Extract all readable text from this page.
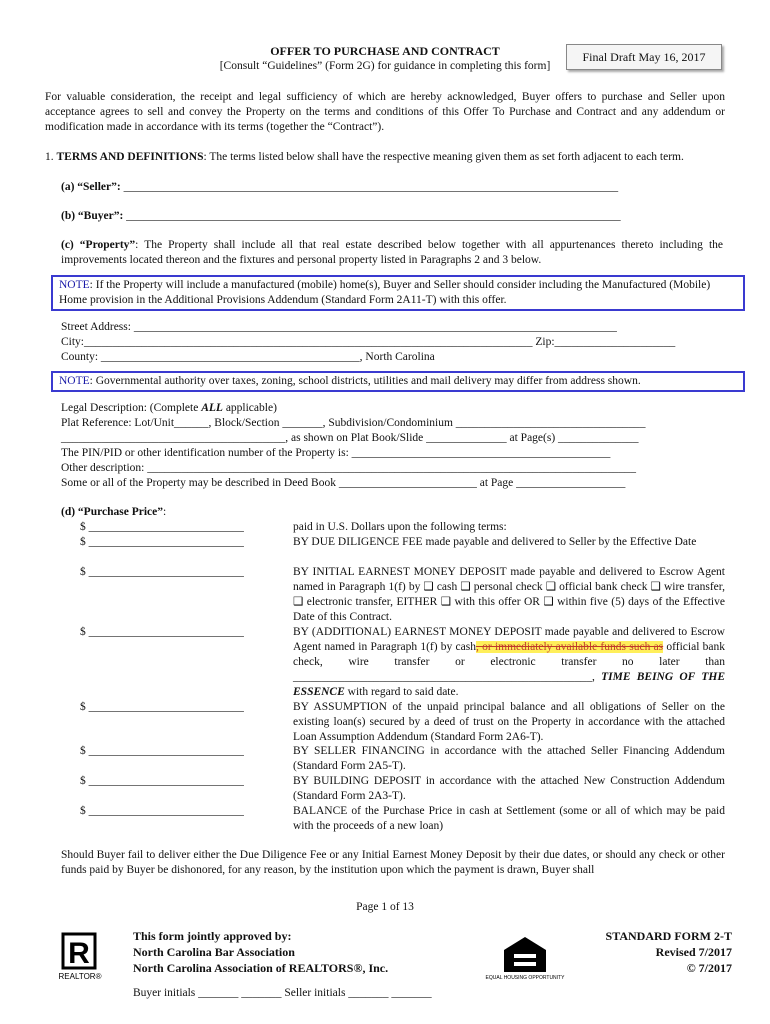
OFFER TO PURCHASE AND CONTRACT
[Consult “Guidelines” (Form 2G) for guidance in completing this form]
Final Draft May 16, 2017
For valuable consideration, the receipt and legal sufficiency of which are hereby acknowledged, Buyer offers to purchase and Seller upon acceptance agrees to sell and convey the Property on the terms and conditions of this Offer To Purchase and Contract and any addendum or modification made in accordance with its terms (together the “Contract”).
1. TERMS AND DEFINITIONS: The terms listed below shall have the respective meaning given them as set forth adjacent to each term.
(a) “Seller”: ______________________________________________________________________________________
(b) “Buyer”: ______________________________________________________________________________________
(c) “Property”: The Property shall include all that real estate described below together with all appurtenances thereto including the improvements located thereon and the fixtures and personal property listed in Paragraphs 2 and 3 below.
NOTE: If the Property will include a manufactured (mobile) home(s), Buyer and Seller should consider including the Manufactured (Mobile) Home provision in the Additional Provisions Addendum (Standard Form 2A11-T) with this offer.
Street Address: ____________________________________________________________________________________
City:______________________________________________________________________________ Zip:_____________________
County: _____________________________________________, North Carolina
NOTE: Governmental authority over taxes, zoning, school districts, utilities and mail delivery may differ from address shown.
Legal Description: (Complete ALL applicable)
Plat Reference: Lot/Unit______, Block/Section _______, Subdivision/Condominium _________________________________
_______________________________________, as shown on Plat Book/Slide ______________ at Page(s) ______________
The PIN/PID or other identification number of the Property is: _____________________________________________
Other description: _____________________________________________________________________________________
Some or all of the Property may be described in Deed Book ________________________ at Page ___________________
(d) “Purchase Price”:
$ ___________________________	paid in U.S. Dollars upon the following terms:
$ ___________________________	BY DUE DILIGENCE FEE made payable and delivered to Seller by the Effective Date
$ ___________________________	BY INITIAL EARNEST MONEY DEPOSIT made payable and delivered to Escrow Agent named in Paragraph 1(f) by ❑ cash ❑ personal check ❑ official bank check ❑ wire transfer, ❑ electronic transfer, EITHER ❑ with this offer OR ❑ within five (5) days of the Effective Date of this Contract.
$ ___________________________	BY (ADDITIONAL) EARNEST MONEY DEPOSIT made payable and delivered to Escrow Agent named in Paragraph 1(f) by cash, or immediately available funds such as official bank check, wire transfer or electronic transfer no later than ____________________________________________________, TIME BEING OF THE ESSENCE with regard to said date.
$ ___________________________	BY ASSUMPTION of the unpaid principal balance and all obligations of Seller on the existing loan(s) secured by a deed of trust on the Property in accordance with the attached Loan Assumption Addendum (Standard Form 2A6-T).
$ ___________________________	BY SELLER FINANCING in accordance with the attached Seller Financing Addendum (Standard Form 2A5-T).
$ ___________________________	BY BUILDING DEPOSIT in accordance with the attached New Construction Addendum (Standard Form 2A3-T).
$ ___________________________	BALANCE of the Purchase Price in cash at Settlement (some or all of which may be paid with the proceeds of a new loan)
Should Buyer fail to deliver either the Due Diligence Fee or any Initial Earnest Money Deposit by their due dates, or should any check or other funds paid by Buyer be dishonored, for any reason, by the institution upon which the payment is drawn, Buyer shall
Page 1 of 13
R
REALTOR®
This form jointly approved by:
North Carolina Bar Association
North Carolina Association of REALTORS®, Inc.
EQUAL HOUSING OPPORTUNITY
STANDARD FORM 2-T
Revised 7/2017
© 7/2017
Buyer initials _______ _______ Seller initials _______ _______
